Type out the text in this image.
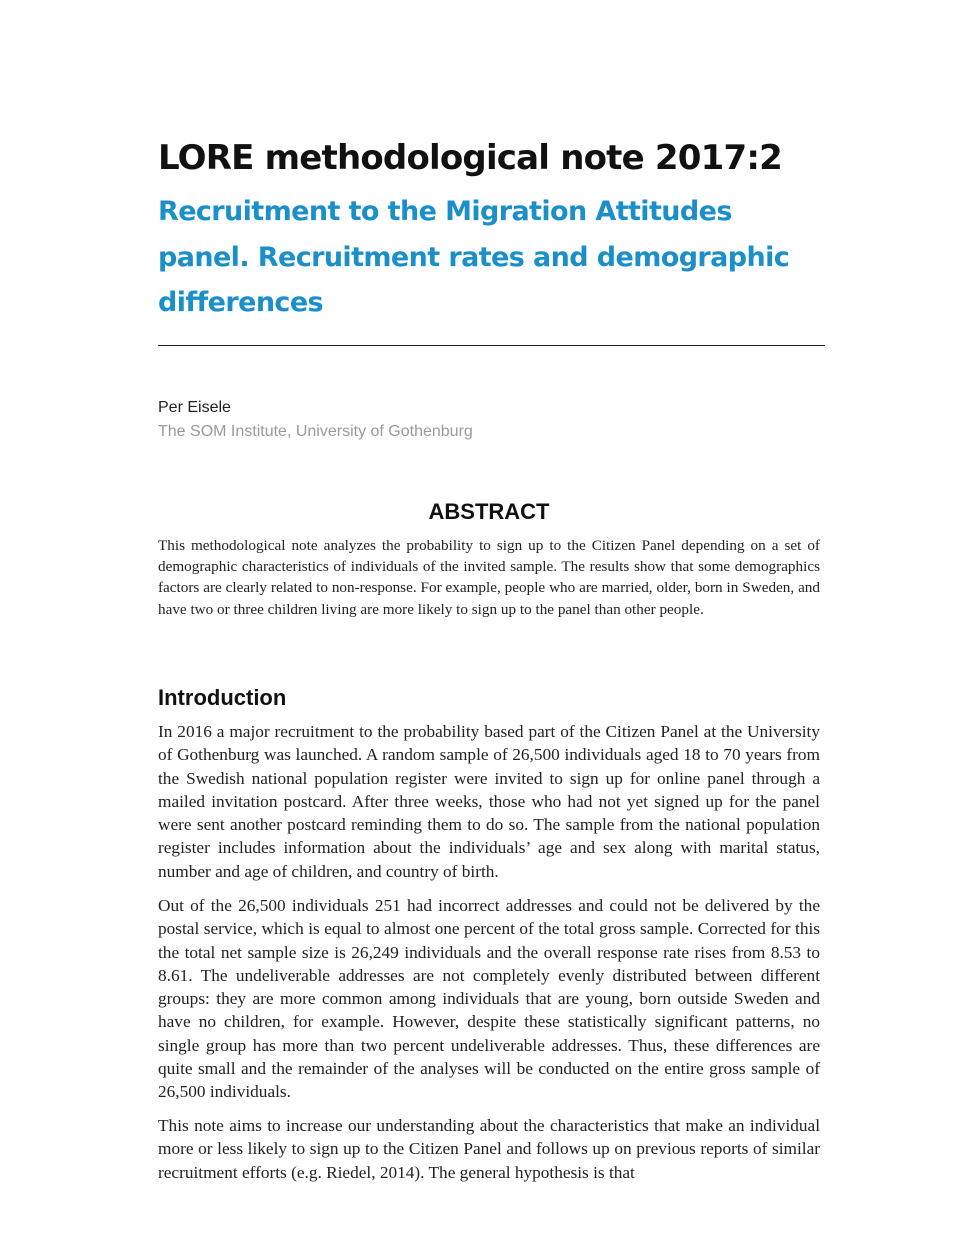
LORE methodological note 2017:2
Recruitment to the Migration Attitudes panel. Recruitment rates and demographic differences
Per Eisele
The SOM Institute, University of Gothenburg
ABSTRACT

This methodological note analyzes the probability to sign up to the Citizen Panel depending on a set of demographic characteristics of individuals of the invited sample. The results show that some demographics factors are clearly related to non-response. For example, people who are married, older, born in Sweden, and have two or three children living are more likely to sign up to the panel than other people.

Introduction

In 2016 a major recruitment to the probability based part of the Citizen Panel at the University of Gothenburg was launched. A random sample of 26,500 individuals aged 18 to 70 years from the Swedish national population register were invited to sign up for online panel through a mailed invitation postcard. After three weeks, those who had not yet signed up for the panel were sent another postcard reminding them to do so. The sample from the national population register includes information about the individuals’ age and sex along with marital status, number and age of children, and country of birth.

Out of the 26,500 individuals 251 had incorrect addresses and could not be delivered by the postal service, which is equal to almost one percent of the total gross sample. Corrected for this the total net sample size is 26,249 individuals and the overall response rate rises from 8.53 to 8.61. The undeliverable addresses are not completely evenly distributed between different groups: they are more common among individuals that are young, born outside Sweden and have no children, for example. However, despite these statistically significant patterns, no single group has more than two percent undeliverable addresses. Thus, these differences are quite small and the remainder of the analyses will be conducted on the entire gross sample of 26,500 individuals.

This note aims to increase our understanding about the characteristics that make an individual more or less likely to sign up to the Citizen Panel and follows up on previous reports of similar recruitment efforts (e.g. Riedel, 2014). The general hypothesis is that
